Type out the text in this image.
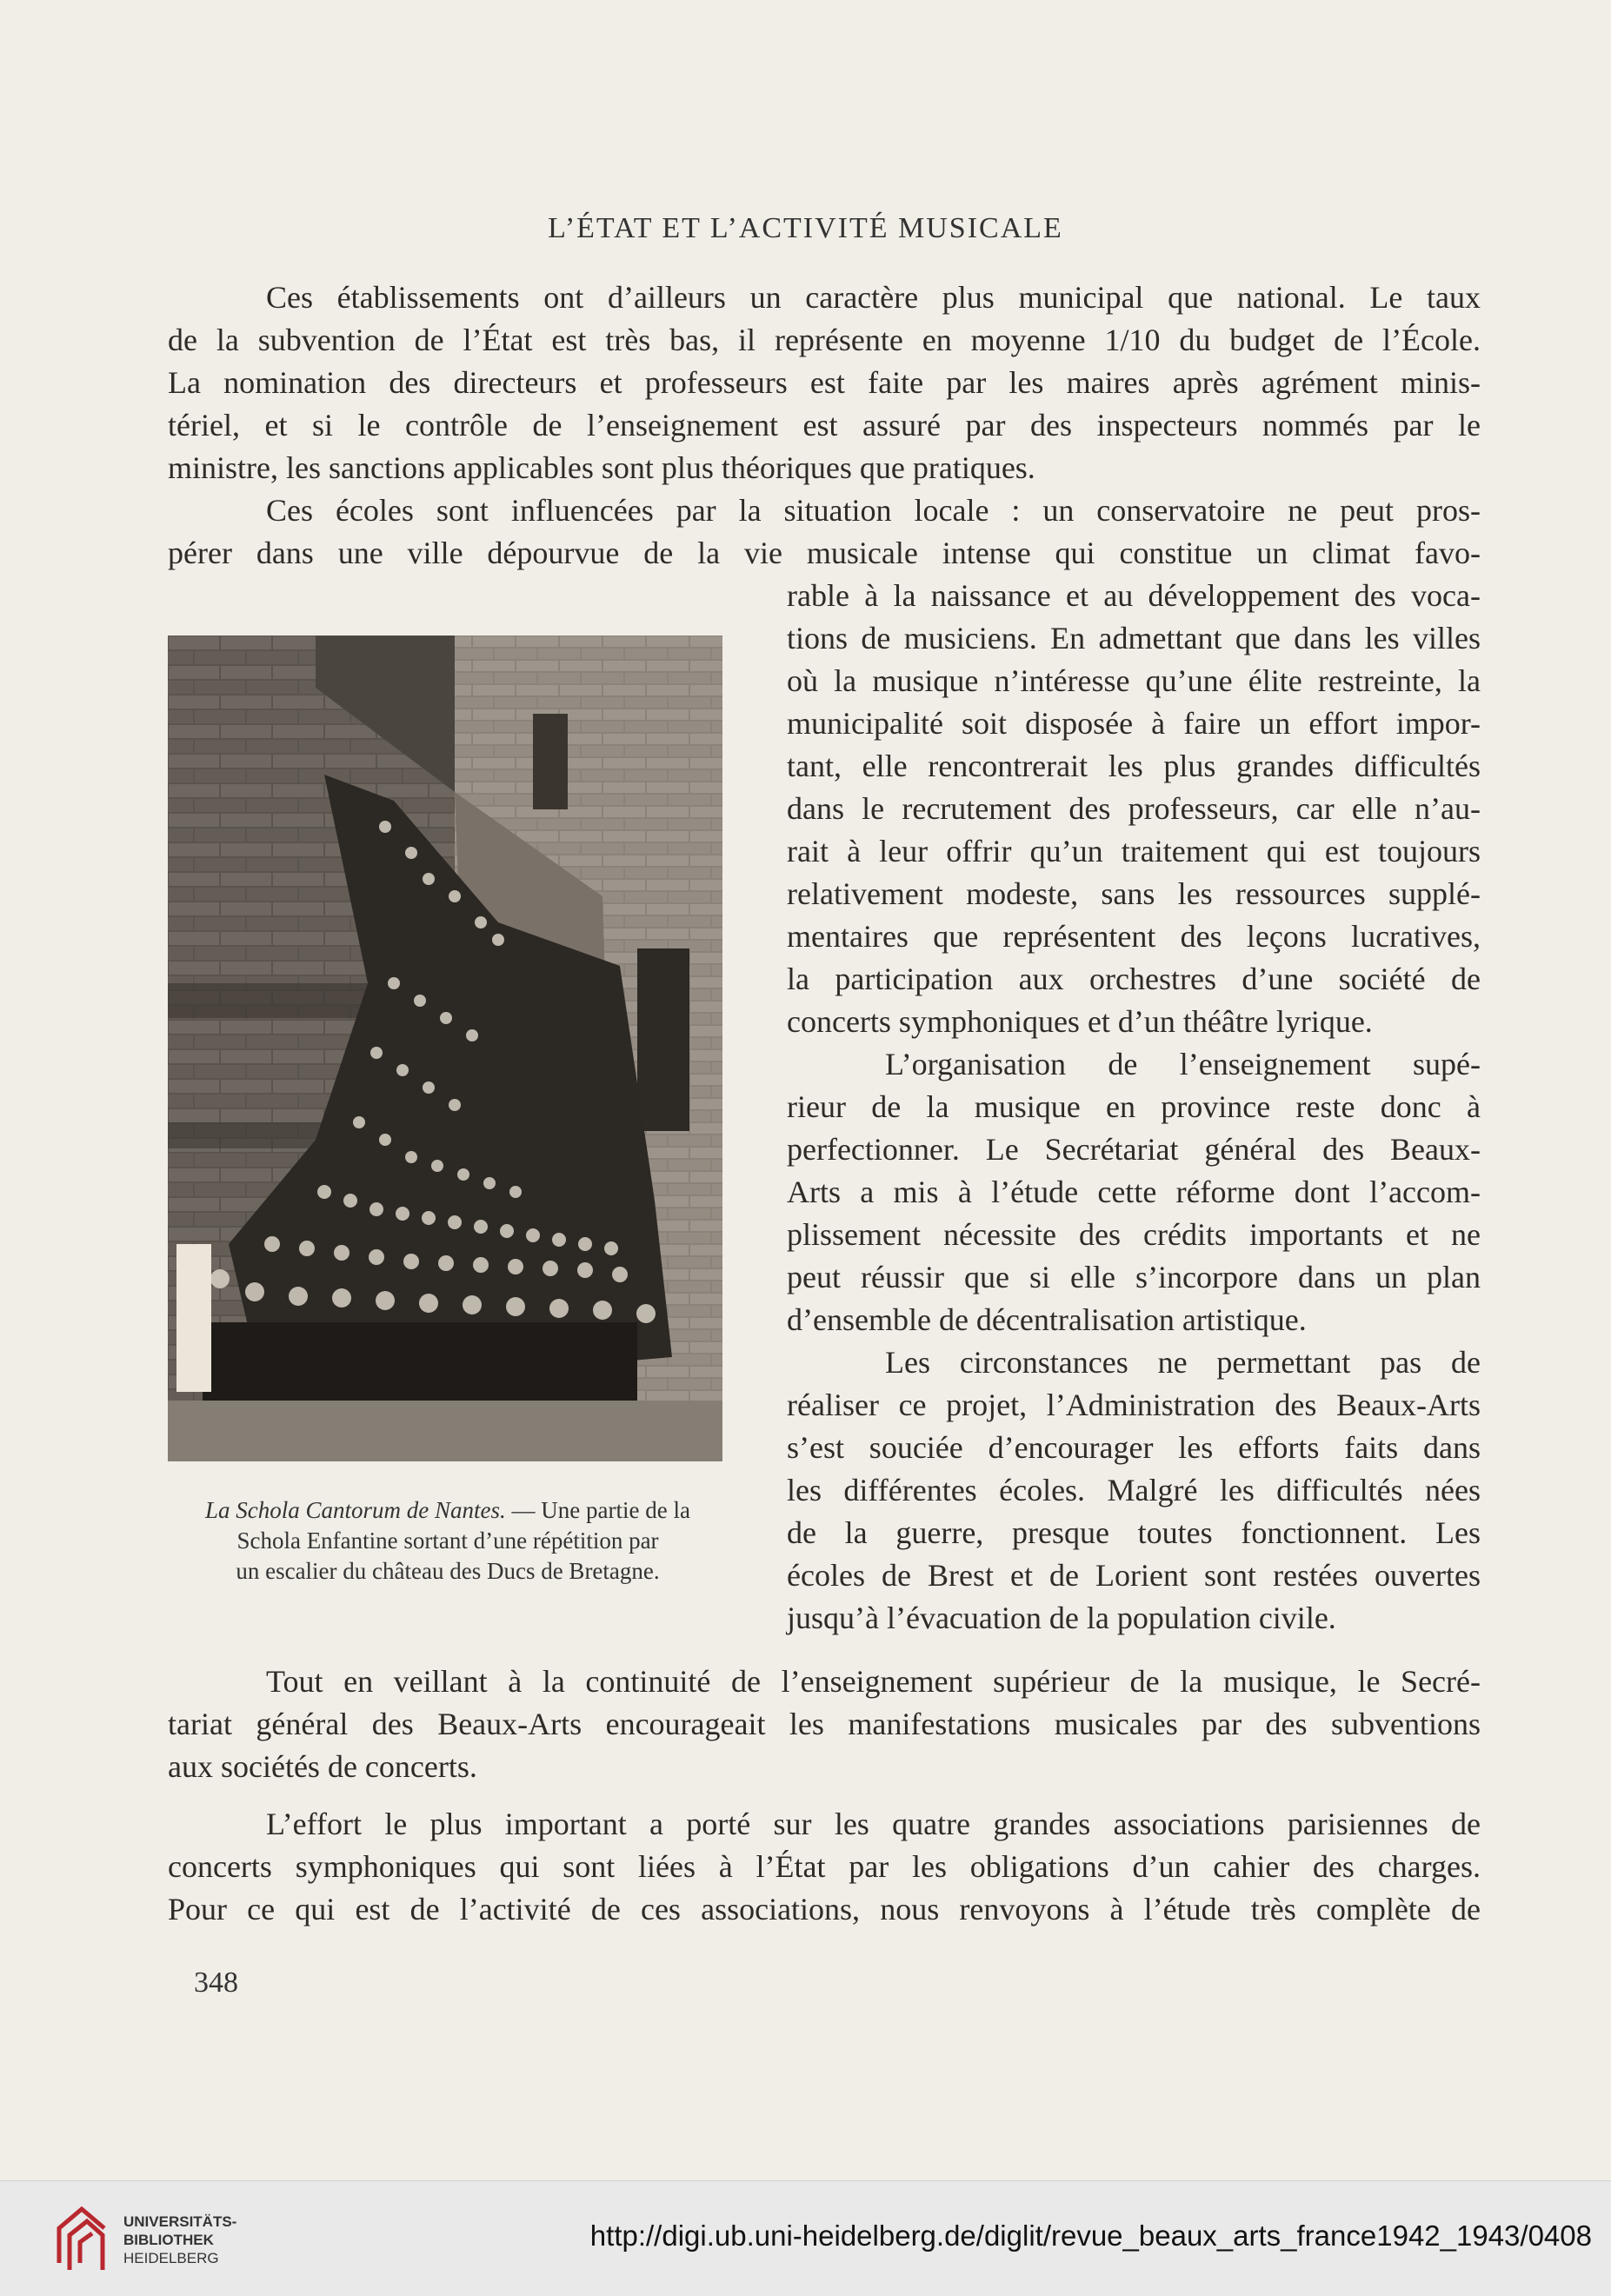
L’ÉTAT ET L’ACTIVITÉ MUSICALE
Ces établissements ont d’ailleurs un caractère plus municipal que national. Le taux
de la subvention de l’État est très bas, il représente en moyenne 1/10 du budget de l’École.
La nomination des directeurs et professeurs est faite par les maires après agrément minis-
tériel, et si le contrôle de l’enseignement est assuré par des inspecteurs nommés par le
ministre, les sanctions applicables sont plus théoriques que pratiques.
Ces écoles sont influencées par la situation locale : un conservatoire ne peut pros-
pérer dans une ville dépourvue de la vie musicale intense qui constitue un climat favo-
rable à la naissance et au développement des voca-
tions de musiciens. En admettant que dans les villes
où la musique n’intéresse qu’une élite restreinte, la
municipalité soit disposée à faire un effort impor-
tant, elle rencontrerait les plus grandes difficultés
dans le recrutement des professeurs, car elle n’au-
rait à leur offrir qu’un traitement qui est toujours
relativement modeste, sans les ressources supplé-
mentaires que représentent des leçons lucratives,
la participation aux orchestres d’une société de
concerts symphoniques et d’un théâtre lyrique.
L’organisation de l’enseignement supé-
rieur de la musique en province reste donc à
perfectionner. Le Secrétariat général des Beaux-
Arts a mis à l’étude cette réforme dont l’accom-
plissement nécessite des crédits importants et ne
peut réussir que si elle s’incorpore dans un plan
d’ensemble de décentralisation artistique.
Les circonstances ne permettant pas de
réaliser ce projet, l’Administration des Beaux-Arts
s’est souciée d’encourager les efforts faits dans
les différentes écoles. Malgré les difficultés nées
de la guerre, presque toutes fonctionnent. Les
écoles de Brest et de Lorient sont restées ouvertes
jusqu’à l’évacuation de la population civile.
La Schola Cantorum de Nantes. — Une partie de la
Schola Enfantine sortant d’une répétition par
un escalier du château des Ducs de Bretagne.
Tout en veillant à la continuité de l’enseignement supérieur de la musique, le Secré-
tariat général des Beaux-Arts encourageait les manifestations musicales par des subventions
aux sociétés de concerts.
L’effort le plus important a porté sur les quatre grandes associations parisiennes de
concerts symphoniques qui sont liées à l’État par les obligations d’un cahier des charges.
Pour ce qui est de l’activité de ces associations, nous renvoyons à l’étude très complète de
348
UNIVERSITÄTS-
BIBLIOTHEK
HEIDELBERG
http://digi.ub.uni-heidelberg.de/diglit/revue_beaux_arts_france1942_1943/0408
